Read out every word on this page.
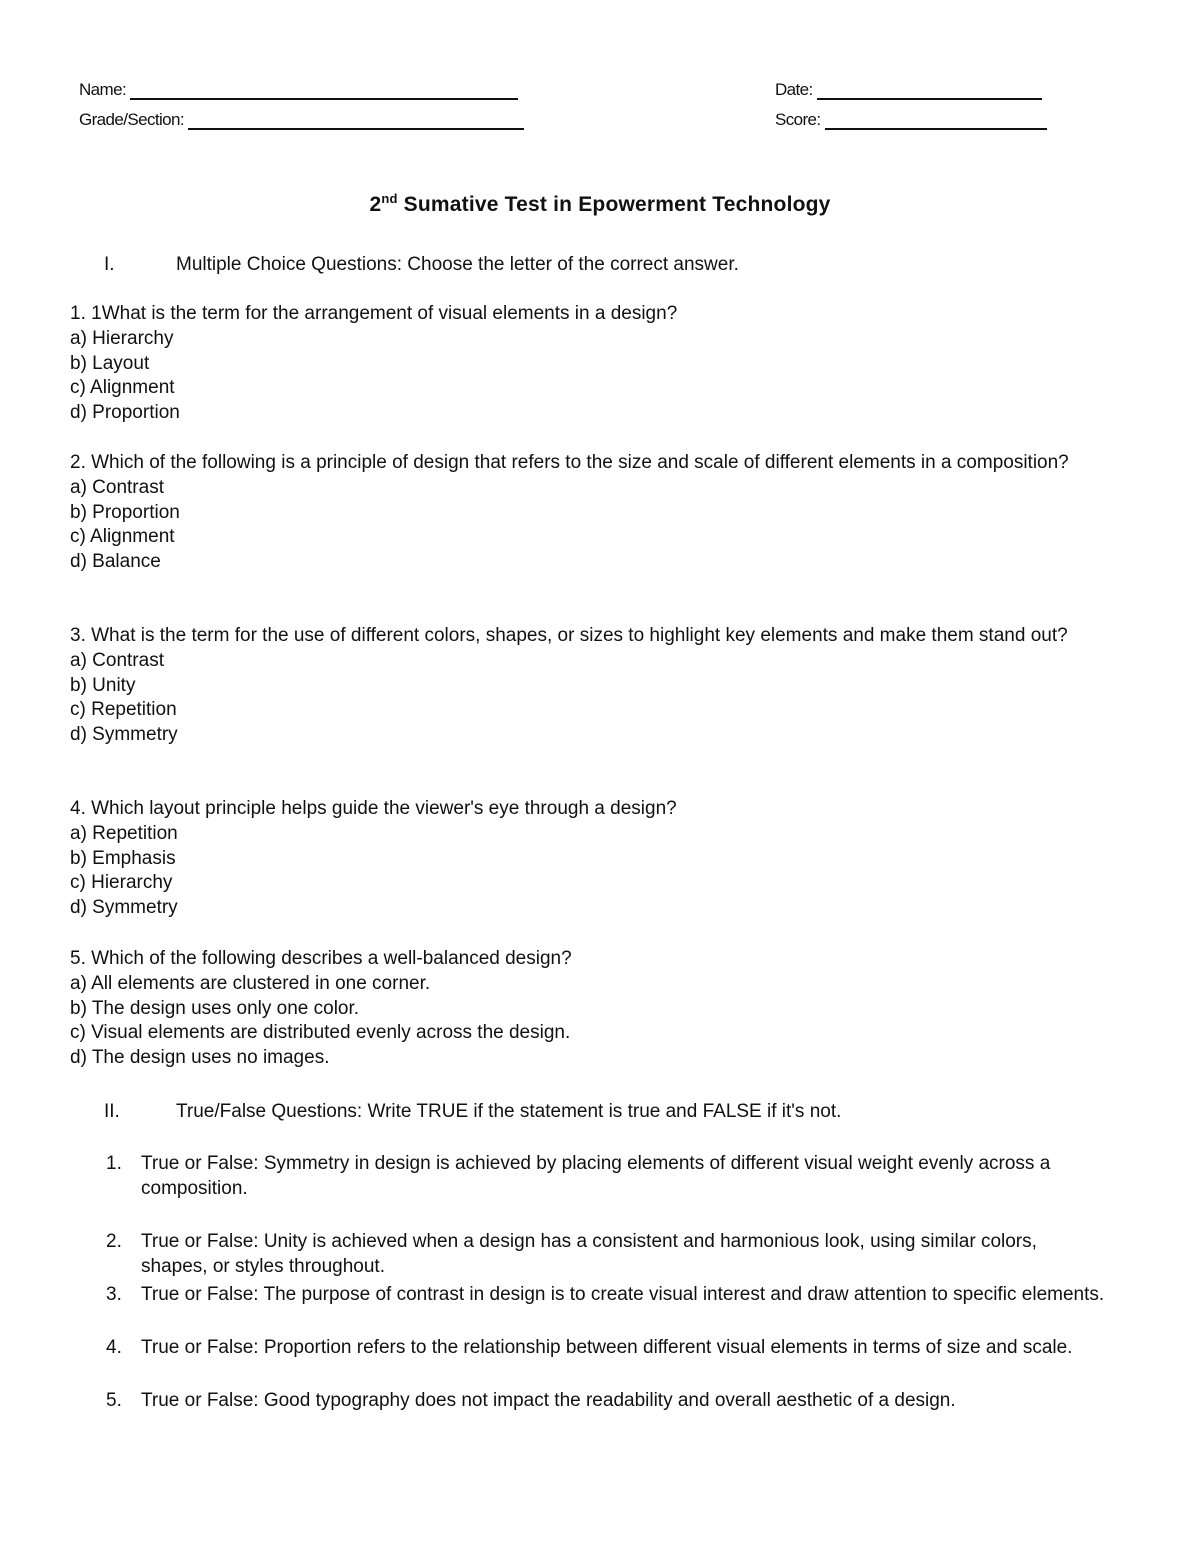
Name:
Grade/Section:
Date:
Score:
2nd Sumative Test in Epowerment Technology
I.	Multiple Choice Questions: Choose the letter of the correct answer.
1. 1What is the term for the arrangement of visual elements in a design?
a) Hierarchy
b) Layout
c) Alignment
d) Proportion
2. Which of the following is a principle of design that refers to the size and scale of different elements in a composition?
a) Contrast
b) Proportion
c) Alignment
d) Balance
3. What is the term for the use of different colors, shapes, or sizes to highlight key elements and make them stand out?
a) Contrast
b) Unity
c) Repetition
d) Symmetry
4. Which layout principle helps guide the viewer's eye through a design?
a) Repetition
b) Emphasis
c) Hierarchy
d) Symmetry
5. Which of the following describes a well-balanced design?
a) All elements are clustered in one corner.
b) The design uses only one color.
c) Visual elements are distributed evenly across the design.
d) The design uses no images.
II.	True/False Questions: Write TRUE if the statement is true and FALSE if it's not.
1. True or False: Symmetry in design is achieved by placing elements of different visual weight evenly across a composition.
2. True or False: Unity is achieved when a design has a consistent and harmonious look, using similar colors, shapes, or styles throughout.
3. True or False: The purpose of contrast in design is to create visual interest and draw attention to specific elements.
4. True or False: Proportion refers to the relationship between different visual elements in terms of size and scale.
5. True or False: Good typography does not impact the readability and overall aesthetic of a design.
